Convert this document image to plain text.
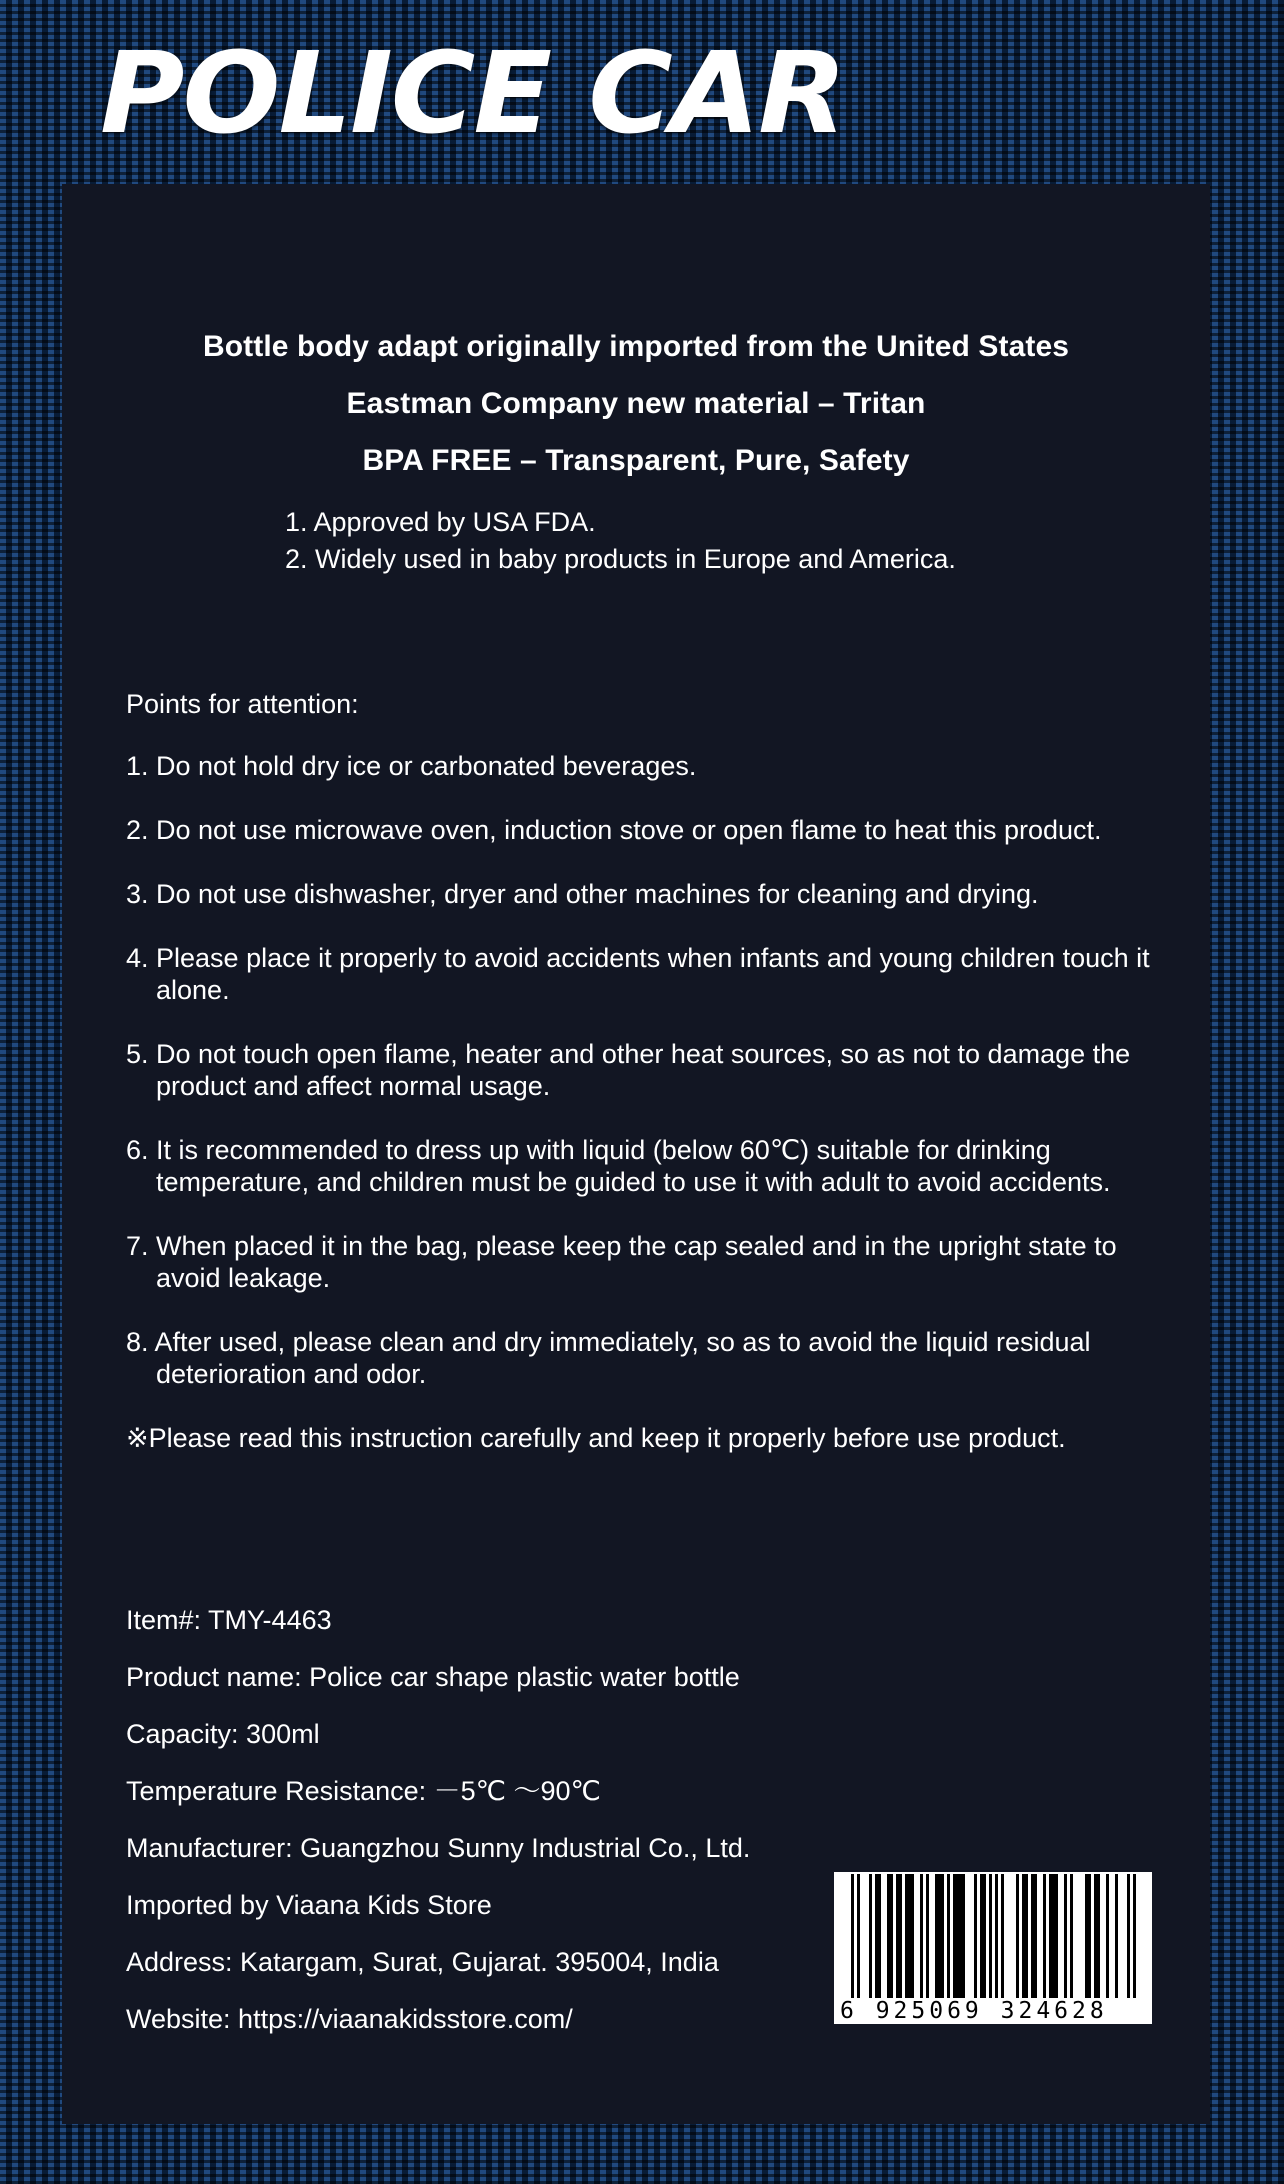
POLICE CAR
Bottle body adapt originally imported from the United States
Eastman Company new material – Tritan
BPA FREE – Transparent, Pure, Safety
1. Approved by USA FDA.
2. Widely used in baby products in Europe and America.

Points for attention:

1. Do not hold dry ice or carbonated beverages.
2. Do not use microwave oven, induction stove or open flame to heat this product.
3. Do not use dishwasher, dryer and other machines for cleaning and drying.
4. Please place it properly to avoid accidents when infants and young children touch it alone.
5. Do not touch open flame, heater and other heat sources, so as not to damage the product and affect normal usage.
6. It is recommended to dress up with liquid (below 60℃) suitable for drinking temperature, and children must be guided to use it with adult to avoid accidents.
7. When placed it in the bag, please keep the cap sealed and in the upright state to avoid leakage.
8. After used, please clean and dry immediately, so as to avoid the liquid residual deterioration and odor.

※Please read this instruction carefully and keep it properly before use product.

Item#: TMY-4463
Product name: Police car shape plastic water bottle
Capacity: 300ml
Temperature Resistance: －5℃ ～90℃
Manufacturer: Guangzhou Sunny Industrial Co., Ltd.
Imported by Viaana Kids Store
Address: Katargam, Surat, Gujarat. 395004, India
Website: https://viaanakidsstore.com/	6 925069 324628
